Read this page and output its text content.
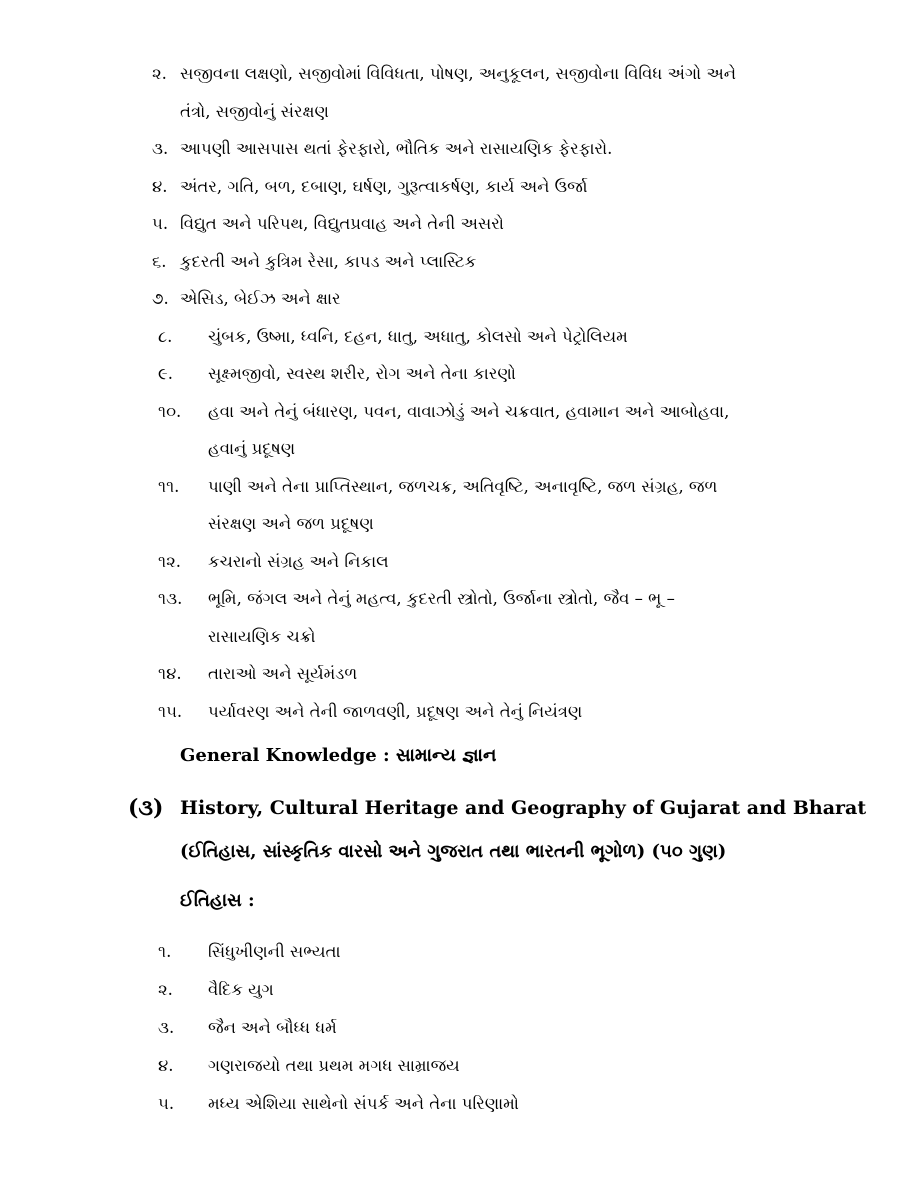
૨. સજીવના લક્ષણો, સજીવોમાં વિવિધતા, પોષણ, અનુકૂલન, સજીવોના વિવિધ અંગો અને
તંત્રો, સજીવોનું સંરક્ષણ
૩. આપણી આસપાસ થતાં ફેરફારો, ભૌતિક અને રાસાયણિક ફેરફારો.
૪. અંતર, ગતિ, બળ, દબાણ, ઘર્ષણ, ગુરૂત્વાકર્ષણ, કાર્ય અને ઉર્જા
૫. વિદ્યુત અને પરિપથ, વિદ્યુતપ્રવાહ અને તેની અસરો
૬. કુદરતી અને કુત્રિમ રેસા, કાપડ અને પ્લાસ્ટિક
૭. એસિડ, બેઈઝ અને ક્ષાર
૮. ચુંબક, ઉષ્મા, ધ્વનિ, દહન, ધાતુ, અધાતુ, કોલસો અને પેટ્રોલિયમ
૯. સૂક્ષ્મજીવો, સ્વસ્થ શરીર, રોગ અને તેના કારણો
૧૦. હવા અને તેનું બંધારણ, પવન, વાવાઝોડું અને ચક્રવાત, હવામાન અને આબોહવા,
હવાનું પ્રદૂષણ
૧૧. પાણી અને તેના પ્રાપ્તિસ્થાન, જળચક્ર, અતિવૃષ્ટિ, અનાવૃષ્ટિ, જળ સંગ્રહ, જળ
સંરક્ષણ અને જળ પ્રદૂષણ
૧૨. કચરાનો સંગ્રહ અને નિકાલ
૧૩. ભૂમિ, જંગલ અને તેનું મહત્વ, કુદરતી સ્ત્રોતો, ઉર્જાના સ્ત્રોતો, જૈવ – ભૂ –
રાસાયણિક ચક્રો
૧૪. તારાઓ અને સૂર્યમંડળ
૧૫. પર્યાવરણ અને તેની જાળવણી, પ્રદૂષણ અને તેનું નિયંત્રણ
General Knowledge : સામાન્ય જ્ઞાન
(૩) History, Cultural Heritage and Geography of Gujarat and Bharat
(ઈતિહાસ, સાંસ્કૃતિક વારસો અને ગુજરાત તથા ભારતની ભૂગોળ) (૫૦ ગુણ)
ઈતિહાસ :
૧. સિંધુખીણની સભ્યતા
૨. વૈદિક યુગ
૩. જૈન અને બૌધ્ધ ધર્મ
૪. ગણરાજયો તથા પ્રથમ મગધ સામ્રાજય
૫. મધ્ય એશિયા સાથેનો સંપર્ક અને તેના પરિણામો
